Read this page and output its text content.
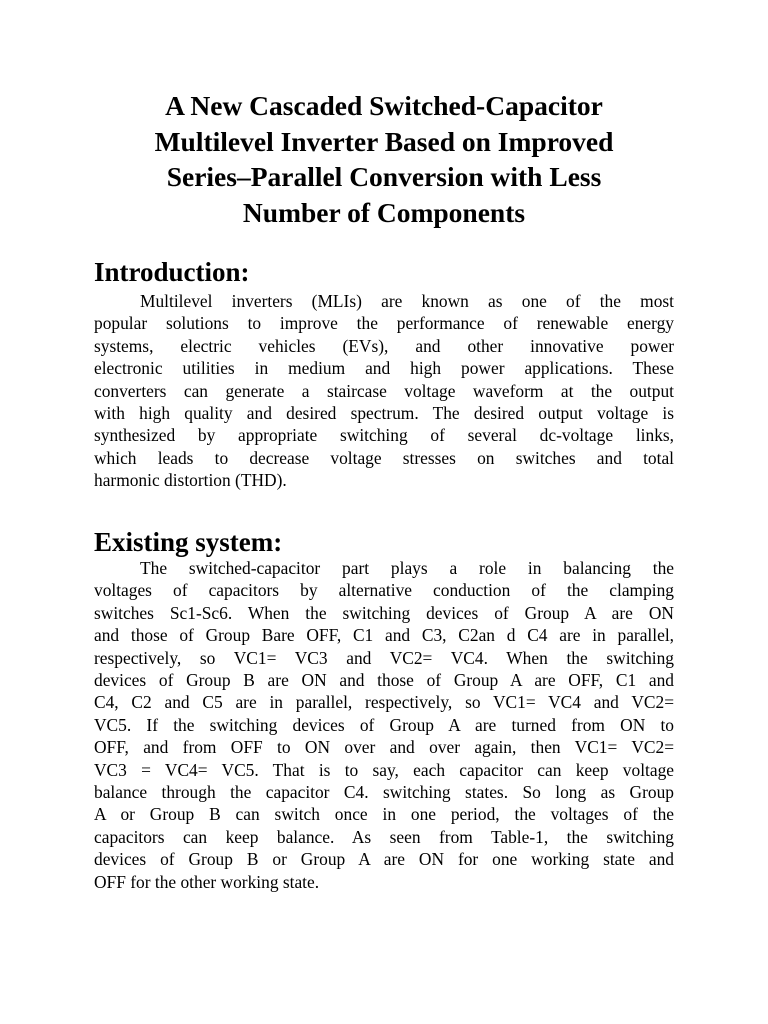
A New Cascaded Switched-Capacitor
Multilevel Inverter Based on Improved
Series–Parallel Conversion with Less
Number of Components
Introduction:

Multilevel inverters (MLIs) are known as one of the most
popular solutions to improve the performance of renewable energy
systems, electric vehicles (EVs), and other innovative power
electronic utilities in medium and high power applications. These
converters can generate a staircase voltage waveform at the output
with high quality and desired spectrum. The desired output voltage is
synthesized by appropriate switching of several dc-voltage links,
which leads to decrease voltage stresses on switches and total
harmonic distortion (THD).

Existing system:

The switched-capacitor part plays a role in balancing the
voltages of capacitors by alternative conduction of the clamping
switches Sc1-Sc6. When the switching devices of Group A are ON
and those of Group Bare OFF, C1 and C3, C2an d C4 are in parallel,
respectively, so VC1= VC3 and VC2= VC4. When the switching
devices of Group B are ON and those of Group A are OFF, C1 and
C4, C2 and C5 are in parallel, respectively, so VC1= VC4 and VC2=
VC5. If the switching devices of Group A are turned from ON to
OFF, and from OFF to ON over and over again, then VC1= VC2=
VC3 = VC4= VC5. That is to say, each capacitor can keep voltage
balance through the capacitor C4. switching states. So long as Group
A or Group B can switch once in one period, the voltages of the
capacitors can keep balance. As seen from Table-1, the switching
devices of Group B or Group A are ON for one working state and
OFF for the other working state.
